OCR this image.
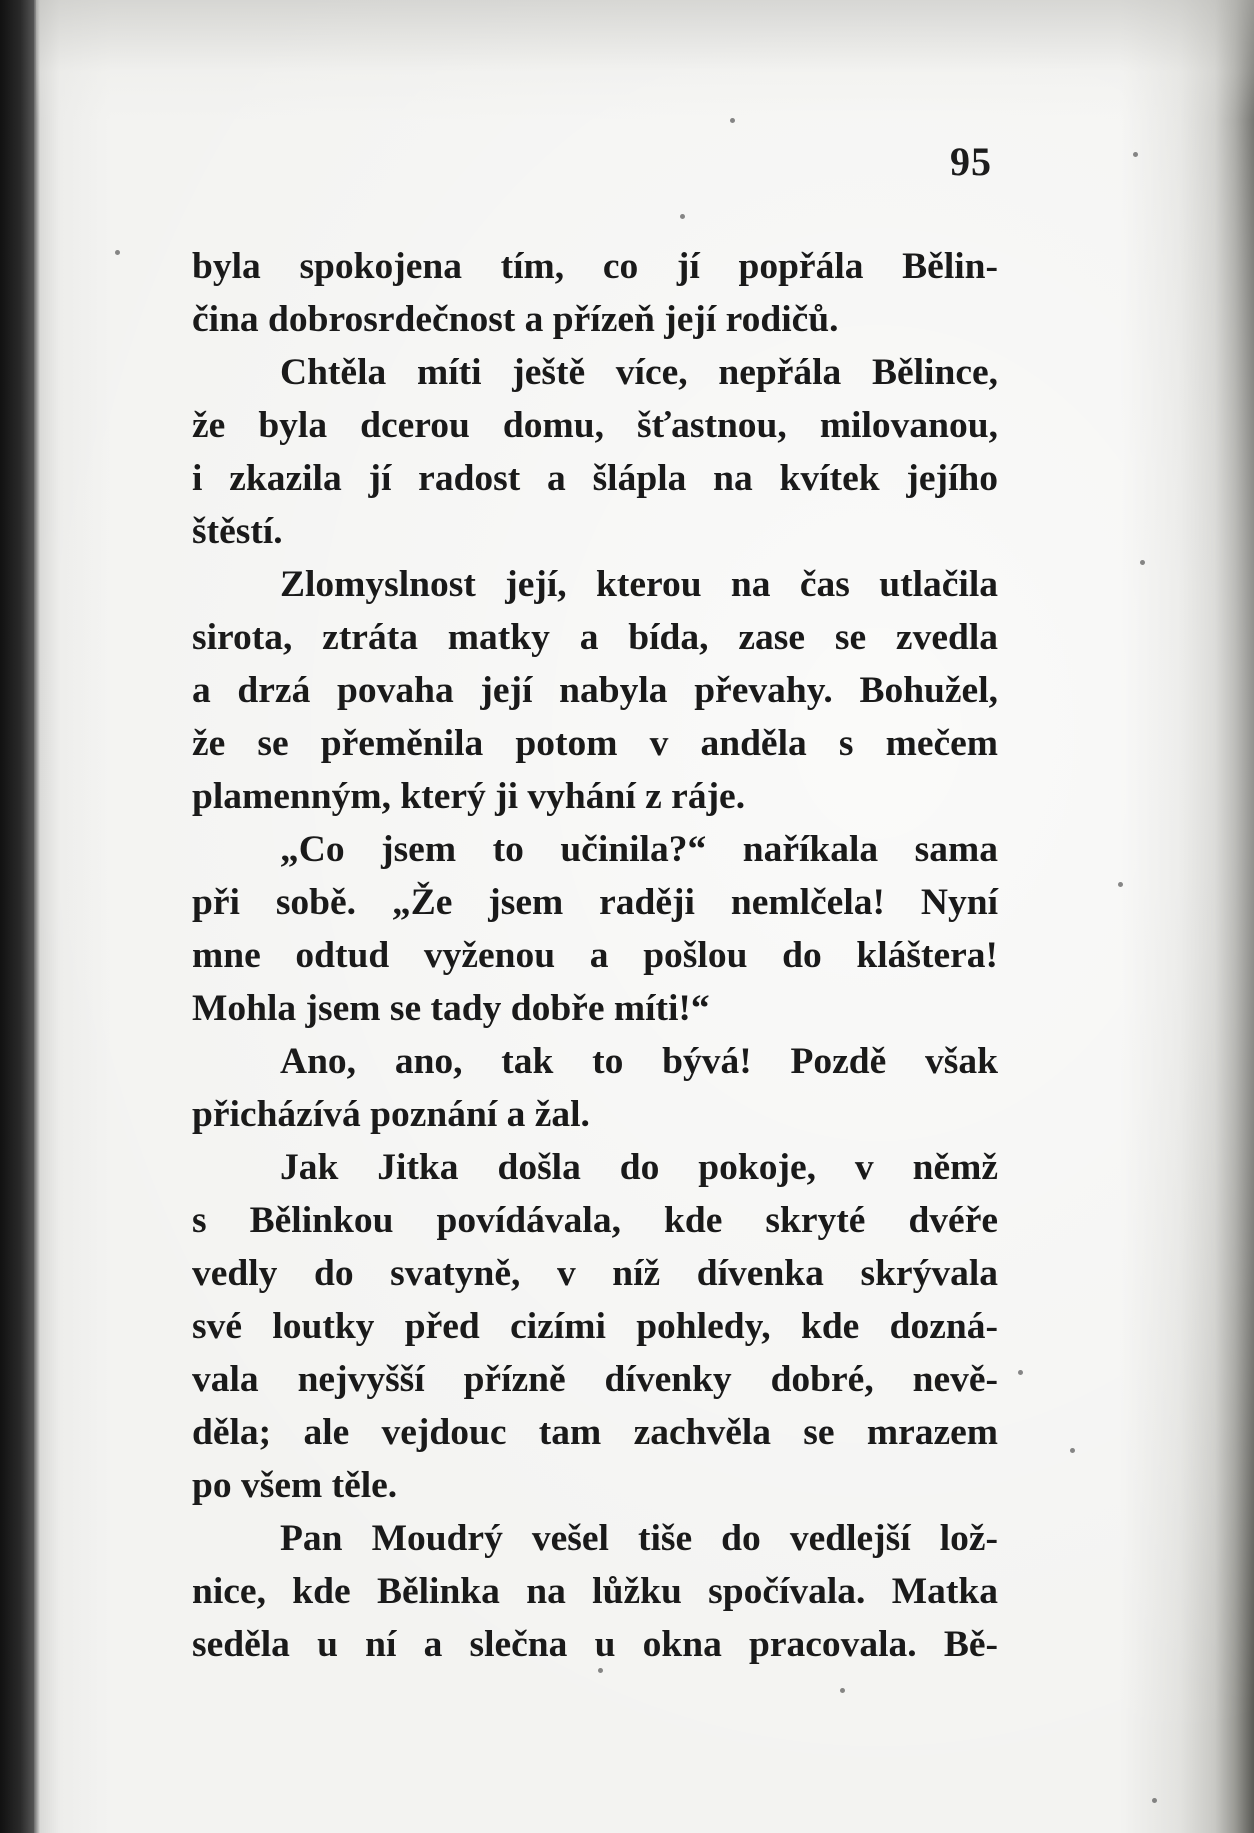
95
byla spokojena tím, co jí popřála Bělin-
čina dobrosrdečnost a přízeň její rodičů.
Chtěla míti ještě více, nepřála Bělince,
že byla dcerou domu, šťastnou, milovanou,
i zkazila jí radost a šlápla na kvítek jejího
štěstí.
Zlomyslnost její, kterou na čas utlačila
sirota, ztráta matky a bída, zase se zvedla
a drzá povaha její nabyla převahy. Bohužel,
že se přeměnila potom v anděla s mečem
plamenným, který ji vyhání z ráje.
„Co jsem to učinila?“ naříkala sama
při sobě. „Že jsem raději nemlčela! Nyní
mne odtud vyženou a pošlou do kláštera!
Mohla jsem se tady dobře míti!“
Ano, ano, tak to bývá! Pozdě však
přicházívá poznání a žal.
Jak Jitka došla do pokoje, v němž
s Bělinkou povídávala, kde skryté dvéře
vedly do svatyně, v níž dívenka skrývala
své loutky před cizími pohledy, kde dozná-
vala nejvyšší přízně dívenky dobré, nevě-
děla; ale vejdouc tam zachvěla se mrazem
po všem těle.
Pan Moudrý vešel tiše do vedlejší lož-
nice, kde Bělinka na lůžku spočívala. Matka
seděla u ní a slečna u okna pracovala. Bě-
